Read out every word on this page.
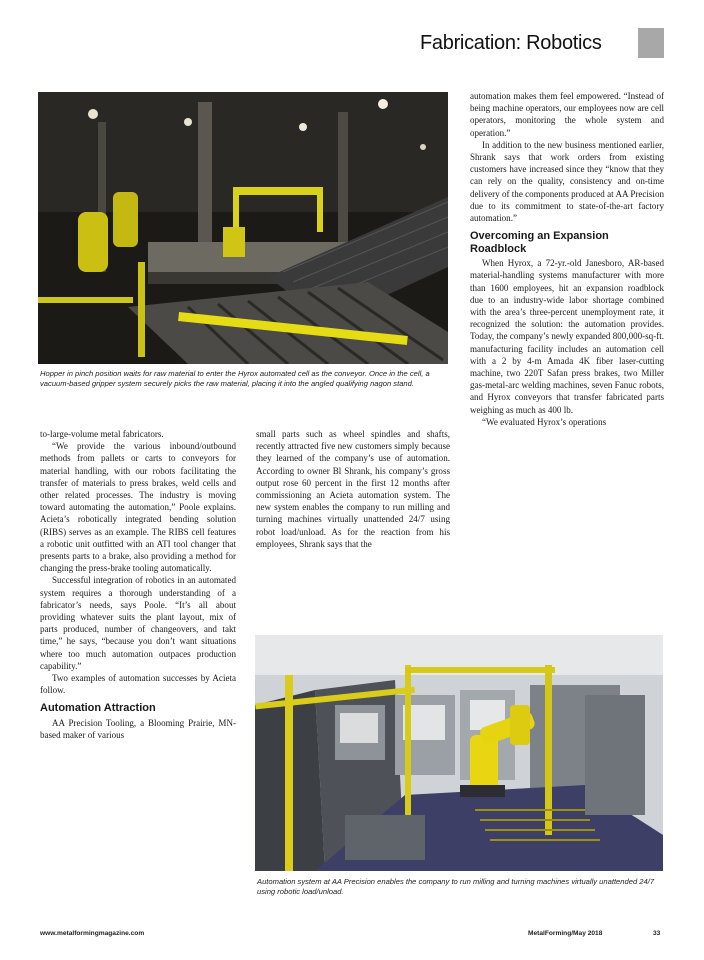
Fabrication: Robotics
Hopper in pinch position waits for raw material to enter the Hyrox automated cell as the conveyor. Once in the cell, a vacuum-based gripper system securely picks the raw material, placing it into the angled qualifying nagon stand.

to-large-volume metal fabricators.

“We provide the various inbound/outbound methods from pallets or carts to conveyors for material handling, with our robots facilitating the transfer of materials to press brakes, weld cells and other related processes. The industry is moving toward automating the automation,” Poole explains. Acieta’s robotically integrated bending solution (RIBS) serves as an example. The RIBS cell features a robotic unit outfitted with an ATI tool changer that presents parts to a brake, also providing a method for changing the press-brake tooling automatically.

Successful integration of robotics in an automated system requires a thorough understanding of a fabricator’s needs, says Poole. “It’s all about providing whatever suits the plant layout, mix of parts produced, number of changeovers, and takt time,” he says, “because you don’t want situations where too much automation outpaces production capability.”

Two examples of automation successes by Acieta follow.

Automation Attraction

AA Precision Tooling, a Blooming Prairie, MN-based maker of various

small parts such as wheel spindles and shafts, recently attracted five new customers simply because they learned of the company’s use of automation. According to owner Bl Shrank, his company’s gross output rose 60 percent in the first 12 months after commissioning an Acieta automation system. The new system enables the company to run milling and turning machines virtually unattended 24/7 using robot load/unload. As for the reaction from his employees, Shrank says that the

automation makes them feel empowered. “Instead of being machine operators, our employees now are cell operators, monitoring the whole system and operation.”

In addition to the new business mentioned earlier, Shrank says that work orders from existing customers have increased since they “know that they can rely on the quality, consistency and on-time delivery of the components produced at AA Precision due to its commitment to state-of-the-art factory automation.”

Overcoming an Expansion Roadblock

When Hyrox, a 72-yr.-old Janesboro, AR-based material-handling systems manufacturer with more than 1600 employees, hit an expansion roadblock due to an industry-wide labor shortage combined with the area’s three-percent unemployment rate, it recognized the solution: the automation provides. Today, the company’s newly expanded 800,000-sq-ft. manufacturing facility includes an automation cell with a 2 by 4-m Amada 4K fiber laser-cutting machine, two 220T Safan press brakes, two Miller gas-metal-arc welding machines, seven Fanuc robots, and Hyrox conveyors that transfer fabricated parts weighing as much as 400 lb.

“We evaluated Hyrox’s operations

Automation system at AA Precision enables the company to run milling and turning machines virtually unattended 24/7 using robotic load/unload.
www.metalformingmagazine.com	MetalForming/May 2018	33
